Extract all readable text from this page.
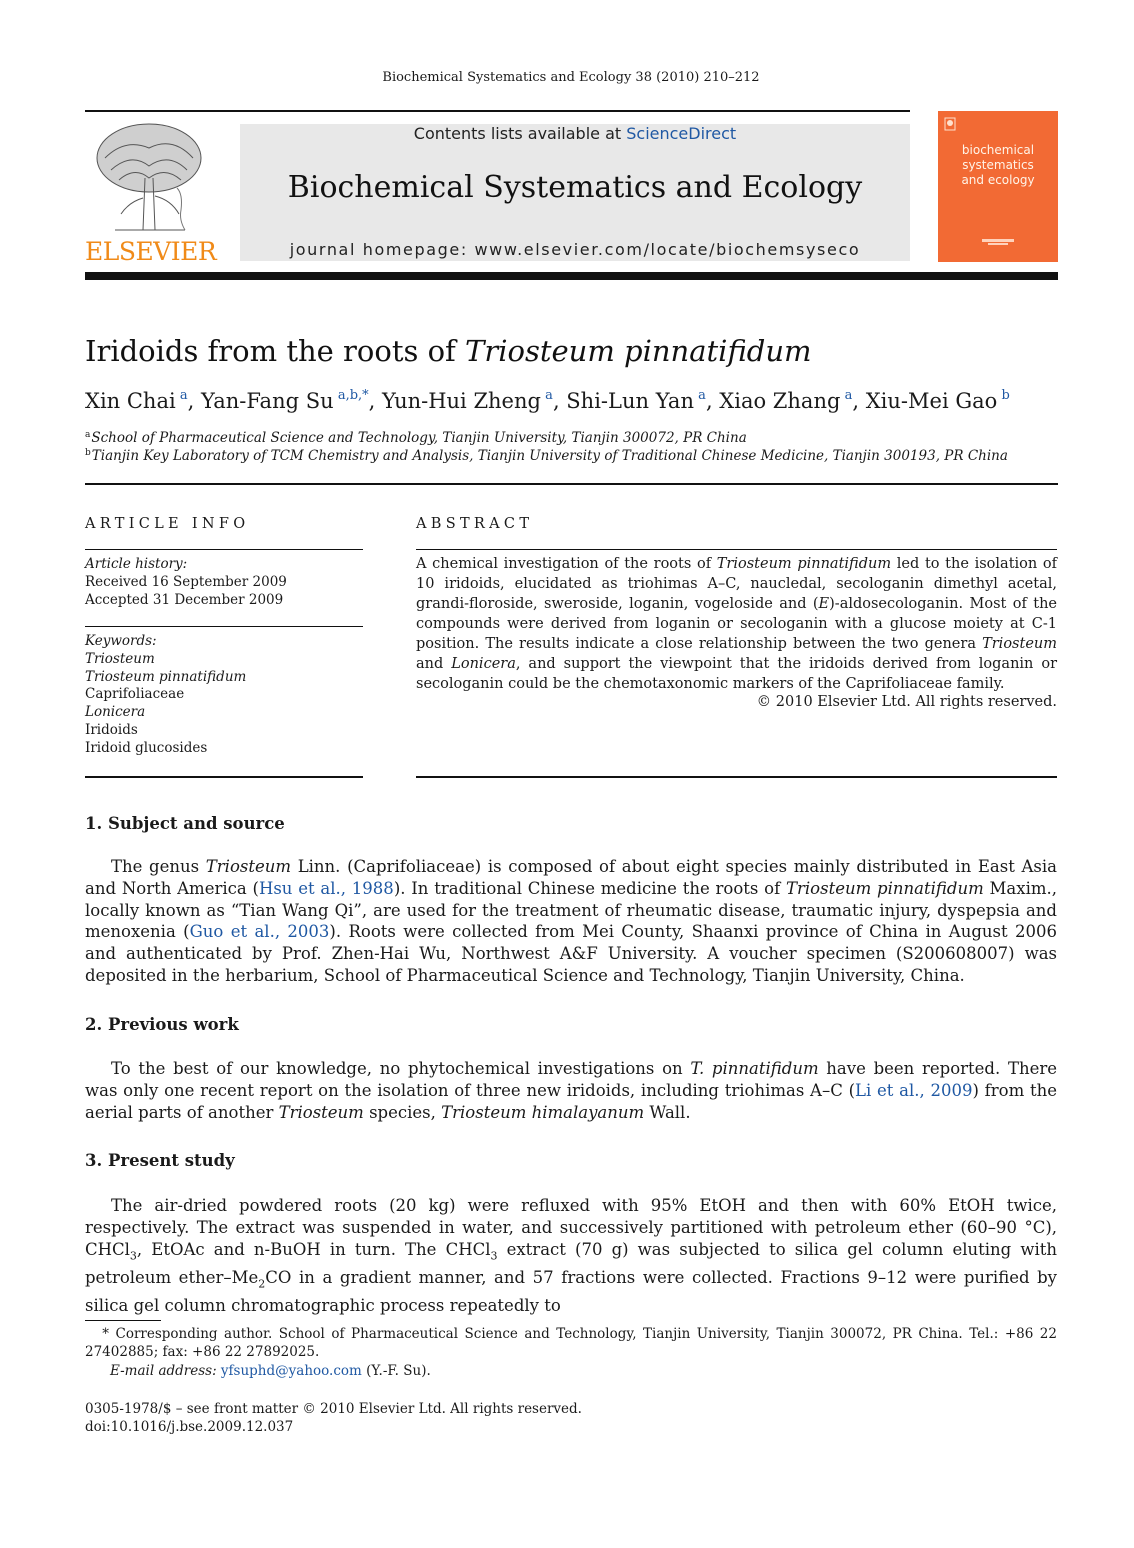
Biochemical Systematics and Ecology 38 (2010) 210–212
ELSEVIER
Contents lists available at ScienceDirect
Biochemical Systematics and Ecology
journal homepage: www.elsevier.com/locate/biochemsyseco
biochemical
systematics
and ecology
Iridoids from the roots of Triosteum pinnatifidum
Xin Chai  $^a$, Yan-Fang Su  $^{a,b,*}$, Yun-Hui Zheng  $^a$, Shi-Lun Yan  $^a$, Xiao Zhang  $^a$, Xiu-Mei Gao  $^b$
$^a$School of Pharmaceutical Science and Technology, Tianjin University, Tianjin 300072, PR China
$^b$Tianjin Key Laboratory of TCM Chemistry and Analysis, Tianjin University of Traditional Chinese Medicine, Tianjin 300193, PR China
ARTICLE INFO
Article history:
Received 16 September 2009
Accepted 31 December 2009
Keywords:
Triosteum
Triosteum pinnatifidum
Caprifoliaceae
Lonicera
Iridoids
Iridoid glucosides
ABSTRACT
A chemical investigation of the roots of Triosteum pinnatifidum led to the isolation of 10 iridoids, elucidated as triohimas A–C, naucledal, secologanin dimethyl acetal, grandi-floroside, sweroside, loganin, vogeloside and (E)-aldosecologanin. Most of the compounds were derived from loganin or secologanin with a glucose moiety at C-1 position. The results indicate a close relationship between the two genera Triosteum and Lonicera, and support the viewpoint that the iridoids derived from loganin or secologanin could be the chemotaxonomic markers of the Caprifoliaceae family.
© 2010 Elsevier Ltd. All rights reserved.
1. Subject and source
The genus Triosteum Linn. (Caprifoliaceae) is composed of about eight species mainly distributed in East Asia and North America (Hsu et al., 1988). In traditional Chinese medicine the roots of Triosteum pinnatifidum Maxim., locally known as “Tian Wang Qi”, are used for the treatment of rheumatic disease, traumatic injury, dyspepsia and menoxenia (Guo et al., 2003). Roots were collected from Mei County, Shaanxi province of China in August 2006 and authenticated by Prof. Zhen-Hai Wu, Northwest A&F University. A voucher specimen (S200608007) was deposited in the herbarium, School of Pharmaceutical Science and Technology, Tianjin University, China.
2. Previous work
To the best of our knowledge, no phytochemical investigations on T. pinnatifidum have been reported. There was only one recent report on the isolation of three new iridoids, including triohimas A–C (Li et al., 2009) from the aerial parts of another Triosteum species, Triosteum himalayanum Wall.
3. Present study
The air-dried powdered roots (20 kg) were refluxed with 95% EtOH and then with 60% EtOH twice, respectively. The extract was suspended in water, and successively partitioned with petroleum ether (60–90 °C), CHCl$_3$, EtOAc and n-BuOH in turn. The CHCl$_3$ extract (70 g) was subjected to silica gel column eluting with petroleum ether–$Me_2CO$ in a gradient manner, and 57 fractions were collected. Fractions 9–12 were purified by silica gel column chromatographic process repeatedly to
* Corresponding author. School of Pharmaceutical Science and Technology, Tianjin University, Tianjin 300072, PR China. Tel.: +86 22 27402885; fax: +86 22 27892025.
E-mail address: yfsuphd@yahoo.com (Y.-F. Su).
0305-1978/$ – see front matter © 2010 Elsevier Ltd. All rights reserved.
doi:10.1016/j.bse.2009.12.037
